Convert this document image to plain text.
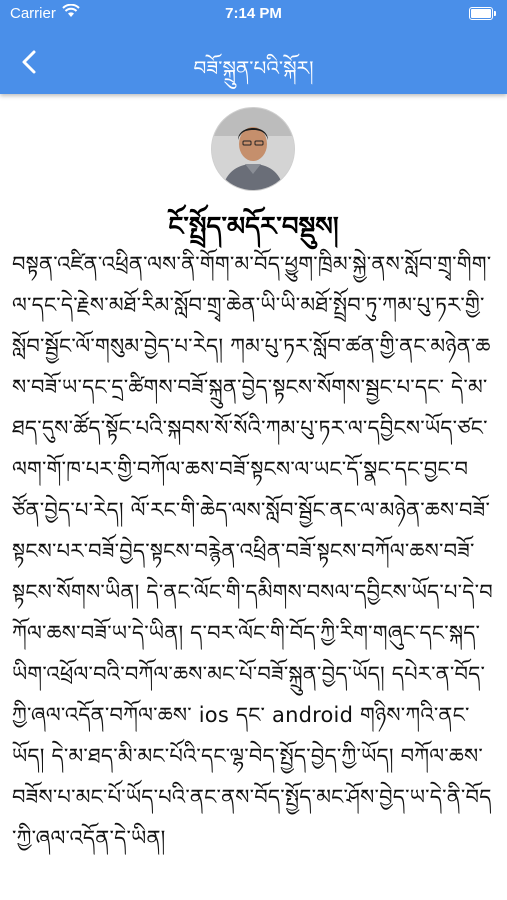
Carrier	7:14 PM
བཟོ་སྐྲུན་པའི་སྐོར།
ངོ་སྤྲོད་མདོར་བསྡུས།
བསྟན་འཛིན་འཕྲིན་ལས་ནི་གོག་མ་བོད་ཕྱུག་ཁྲིམ་སྐྱེ་ནས་སློབ་གྲྭ་གིག་ལ་དང་དེ་རྗེས་མཐོ་རིམ་སློབ་གྲྭ་ཆེན་ཡི་ཡི་མཐོ་སྤྲོབ་ཏུ་ཀམ་པུ་ཏར་གྱི་སློབ་སྦྱོང་ལོ་གསུམ་བྱེད་པ་རེད། ཀམ་པུ་ཏར་སློབ་ཚན་གྱི་ནང་མཉེན་ཆས་བཟོ་ཡ་དང་དྲ་ཚིགས་བཟོ་སྐྲུན་བྱེད་སྟངས་སོགས་སྦྱང་པ་དང་ དེ་མ་ཐད་དུས་ཚོད་སྟོང་པའི་སྐབས་སོ་སོའི་ཀམ་པུ་ཏར་ལ་དབྱིངས་ཡོད་ཙང་ལག་གོ་ཁ་པར་གྱི་བཀོལ་ཆས་བཟོ་སྟངས་ལ་ཡང་དོ་སྣང་དང་བྱང་བཙོན་བྱེད་པ་རེད། ལོ་རང་གི་ཆེད་ལས་སློབ་སྦྱོང་ནང་ལ་མཉེན་ཆས་བཟོ་སྟངས་པར་བཟོ་བྱེད་སྟངས་བརྙེན་འཕྲིན་བཟོ་སྟངས་བཀོལ་ཆས་བཟོ་སྟངས་སོགས་ཡིན། དེ་ནང་ལོང་གི་དམིགས་བསལ་དབྱིངས་ཡོད་པ་དེ་བཀོལ་ཆས་བཟོ་ཡ་དེ་ཡིན། ད་བར་ལོང་གི་བོད་ཀྱི་རིག་གཞུང་དང་སྐད་ཡིག་འཕྲོལ་བའི་བཀོལ་ཆས་མང་པོ་བཟོ་སྐྲུན་བྱེད་ཡོད། དཔེར་ན་བོད་ཀྱི་ཞལ་འདོན་བཀོལ་ཆས་ ios དང་ android གཉིས་ཀའི་ནང་ཡོད། དེ་མ་ཐད་མི་མང་པོའི་དང་ལྷ་བེད་སྤྱོད་བྱེད་ཀྱི་ཡོད། བཀོལ་ཆས་བཟོས་པ་མང་པོ་ཡོད་པའི་ནང་ནས་བོད་སྤྱོད་མང་ཤོས་བྱེད་ཡ་དེ་ནི་བོད་ཀྱི་ཞལ་འདོན་དེ་ཡིན།
